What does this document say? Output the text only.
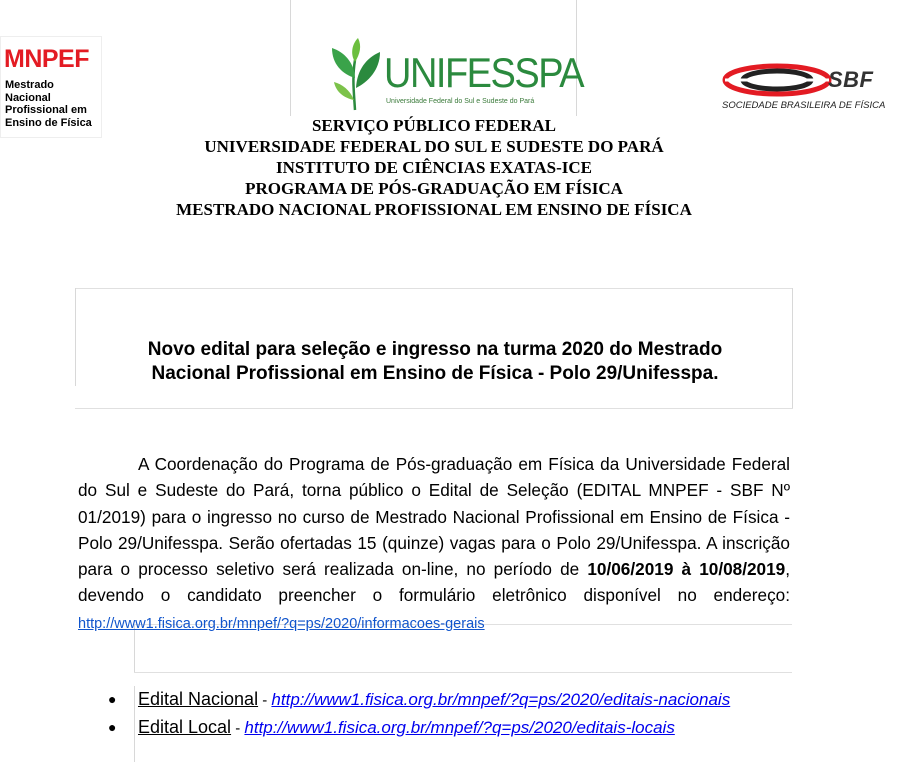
MNPEF
Mestrado Nacional
Profissional em
Ensino de Física
UNIFESSPA
Universidade Federal do Sul e Sudeste do Pará
SBF
SOCIEDADE BRASILEIRA DE FÍSICA
SERVIÇO PÚBLICO FEDERAL
UNIVERSIDADE FEDERAL DO SUL E SUDESTE DO PARÁ
INSTITUTO DE CIÊNCIAS EXATAS-ICE
PROGRAMA DE PÓS-GRADUAÇÃO EM FÍSICA
MESTRADO NACIONAL PROFISSIONAL EM ENSINO DE FÍSICA
Novo edital para seleção e ingresso na turma 2020 do Mestrado
Nacional Profissional em Ensino de Física - Polo 29/Unifesspa.
A Coordenação do Programa de Pós-graduação em Física da Universidade Federal do Sul e Sudeste do Pará, torna público o Edital de Seleção (EDITAL MNPEF - SBF Nº 01/2019) para o ingresso no curso de Mestrado Nacional Profissional em Ensino de Física - Polo 29/Unifesspa. Serão ofertadas 15 (quinze) vagas para o Polo 29/Unifesspa. A inscrição para o processo seletivo será realizada on-line, no período de 10/06/2019 à 10/08/2019, devendo o candidato preencher o formulário eletrônico disponível no endereço: http://www1.fisica.org.br/mnpef/?q=ps/2020/informacoes-gerais
● Edital Nacional - http://www1.fisica.org.br/mnpef/?q=ps/2020/editais-nacionais
● Edital Local - http://www1.fisica.org.br/mnpef/?q=ps/2020/editais-locais
